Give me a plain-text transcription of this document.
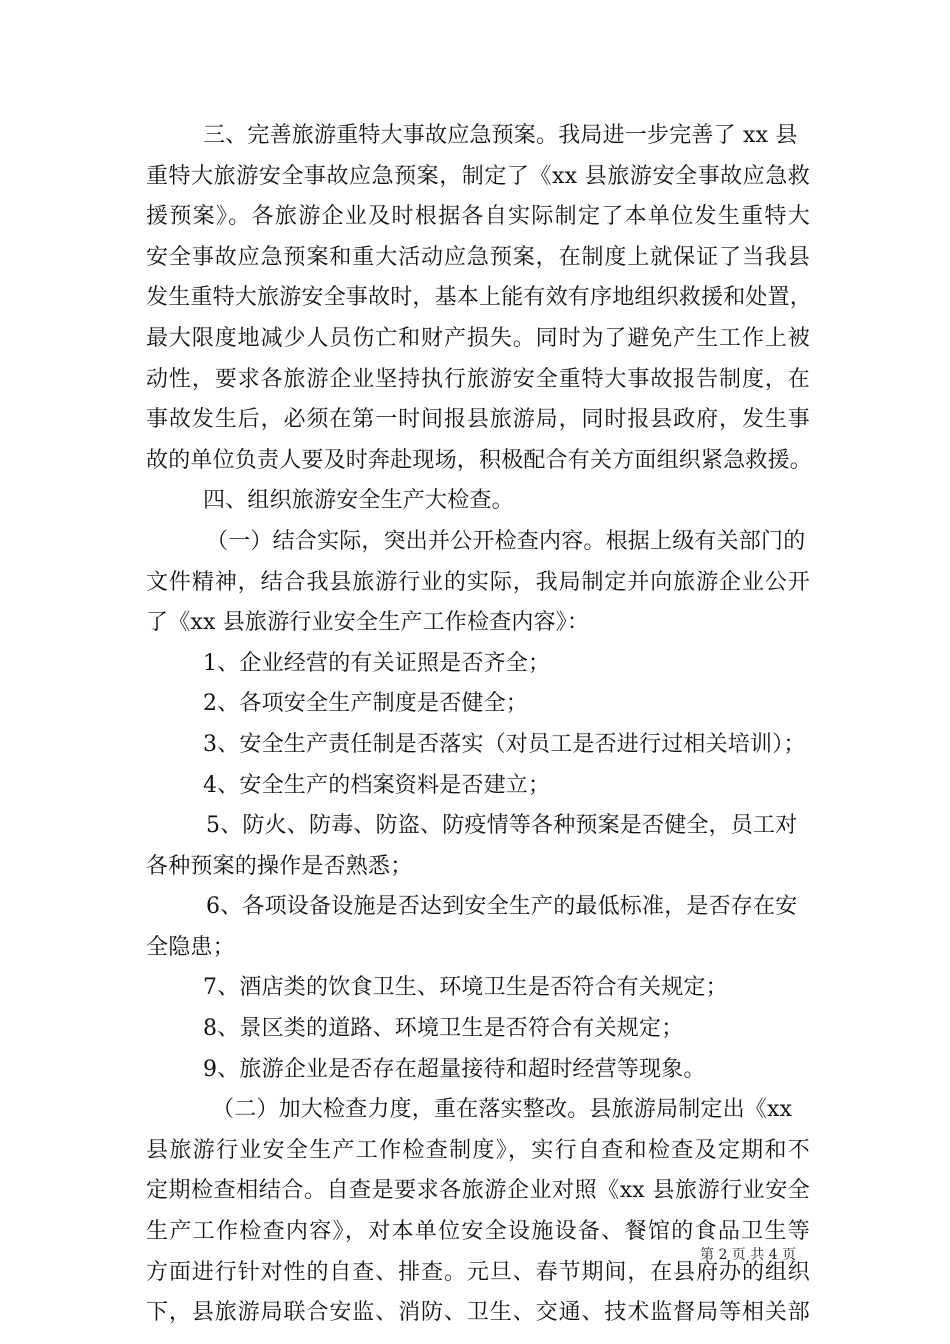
三、完善旅游重特大事故应急预案。我局进一步完善了 xx 县
重特大旅游安全事故应急预案，制定了《xx 县旅游安全事故应急救
援预案》。各旅游企业及时根据各自实际制定了本单位发生重特大
安全事故应急预案和重大活动应急预案，在制度上就保证了当我县
发生重特大旅游安全事故时，基本上能有效有序地组织救援和处置，
最大限度地减少人员伤亡和财产损失。同时为了避免产生工作上被
动性，要求各旅游企业坚持执行旅游安全重特大事故报告制度，在
事故发生后，必须在第一时间报县旅游局，同时报县政府，发生事
故的单位负责人要及时奔赴现场，积极配合有关方面组织紧急救援。
四、组织旅游安全生产大检查。
（一）结合实际，突出并公开检查内容。根据上级有关部门的
文件精神，结合我县旅游行业的实际，我局制定并向旅游企业公开
了《xx 县旅游行业安全生产工作检查内容》：
1、企业经营的有关证照是否齐全；
2、各项安全生产制度是否健全；
3、安全生产责任制是否落实（对员工是否进行过相关培训）；
4、安全生产的档案资料是否建立；
5、防火、防毒、防盗、防疫情等各种预案是否健全，员工对
各种预案的操作是否熟悉；
6、各项设备设施是否达到安全生产的最低标准，是否存在安
全隐患；
7、酒店类的饮食卫生、环境卫生是否符合有关规定；
8、景区类的道路、环境卫生是否符合有关规定；
9、旅游企业是否存在超量接待和超时经营等现象。
（二）加大检查力度，重在落实整改。县旅游局制定出《xx
县旅游行业安全生产工作检查制度》，实行自查和检查及定期和不
定期检查相结合。自查是要求各旅游企业对照《xx 县旅游行业安全
生产工作检查内容》，对本单位安全设施设备、餐馆的食品卫生等
方面进行针对性的自查、排查。元旦、春节期间，在县府办的组织
下，县旅游局联合安监、消防、卫生、交通、技术监督局等相关部
第 2 页 共 4 页
